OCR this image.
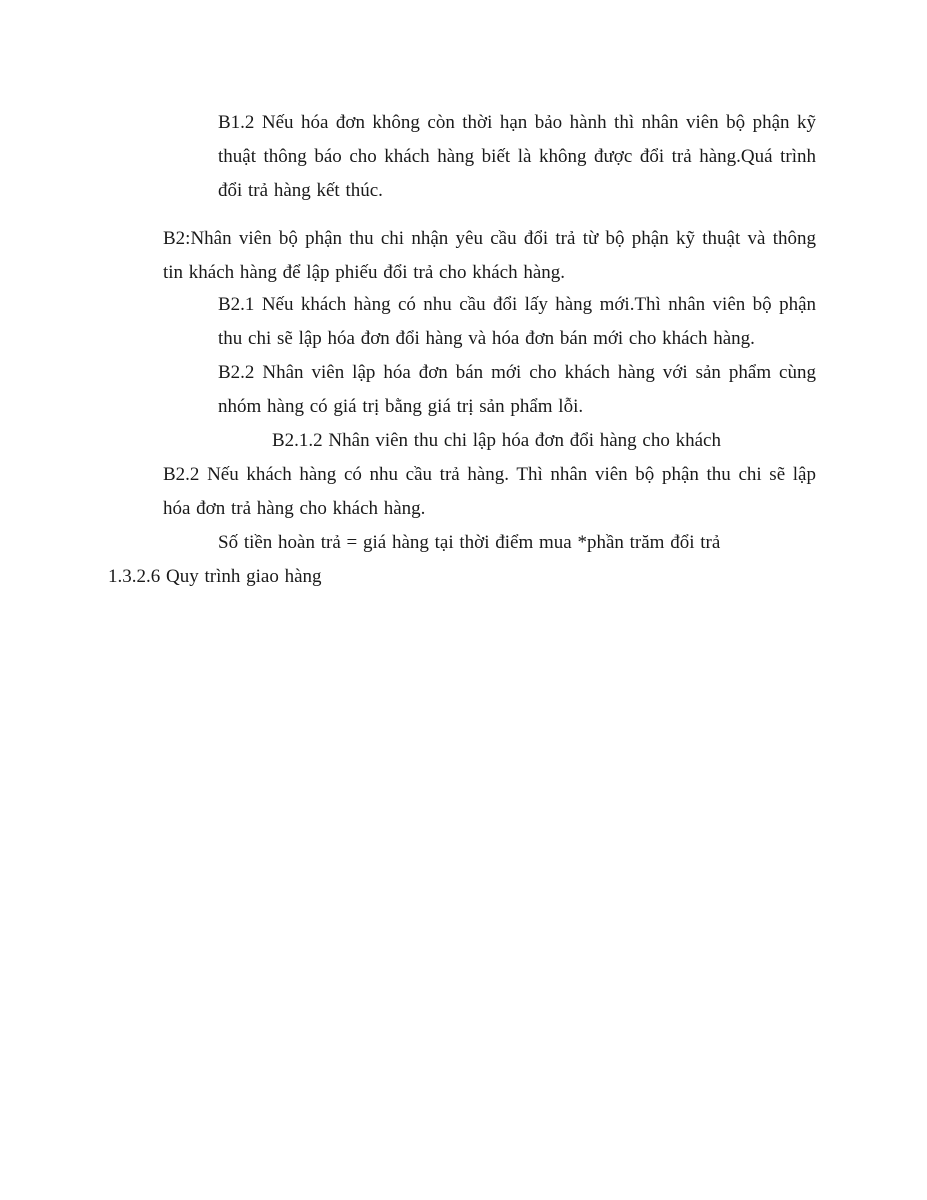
B1.2 Nếu hóa đơn không còn thời hạn bảo hành thì nhân viên bộ phận kỹ
thuật thông báo cho khách hàng biết là không được đổi trả hàng.Quá trình
đổi trả hàng kết thúc.

B2:Nhân viên bộ phận thu chi nhận yêu cầu đổi trả từ bộ phận kỹ thuật và thông
tin khách hàng để lập phiếu đổi trả cho khách hàng.

B2.1 Nếu khách hàng có nhu cầu đổi lấy hàng mới.Thì nhân viên bộ phận
thu chi sẽ lập hóa đơn đổi hàng và hóa đơn bán mới cho khách hàng.

B2.2 Nhân viên lập hóa đơn bán mới cho khách hàng với sản phẩm cùng
nhóm hàng có giá trị bằng giá trị sản phẩm lỗi.

B2.1.2 Nhân viên thu chi lập hóa đơn đổi hàng cho khách

B2.2 Nếu khách hàng có nhu cầu trả hàng. Thì nhân viên bộ phận thu chi sẽ lập
hóa đơn trả hàng cho khách hàng.

Số tiền hoàn trả = giá hàng tại thời điểm mua *phần trăm đổi trả

1.3.2.6 Quy trình giao hàng
